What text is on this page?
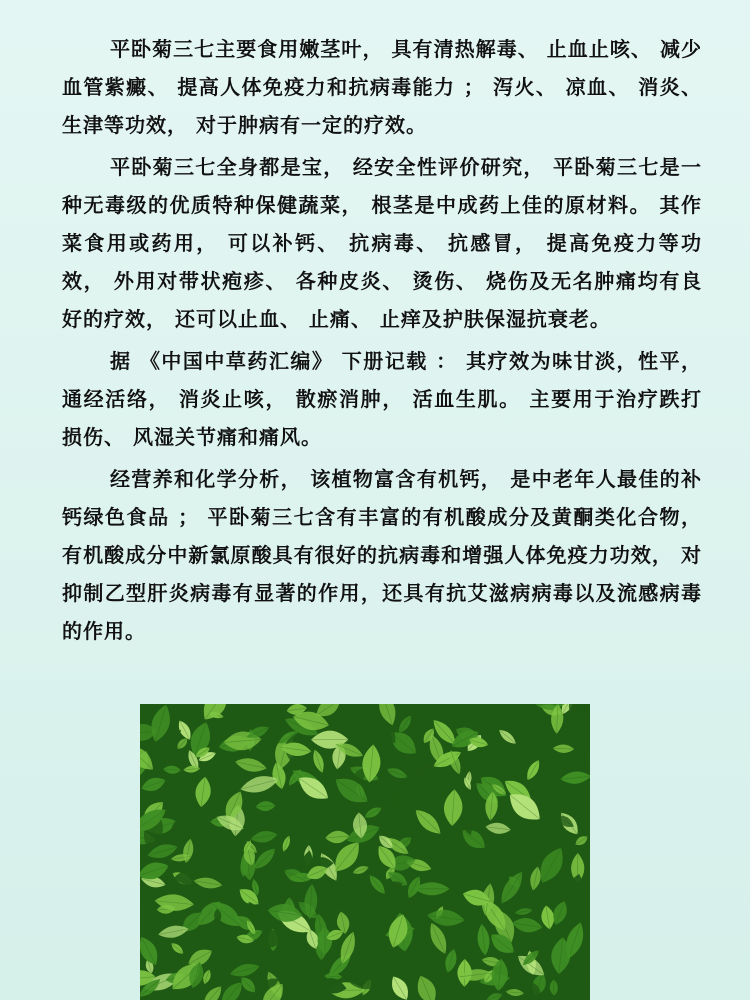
平卧菊三七主要食用嫩茎叶， 具有清热解毒、 止血止咳、 减少血管紫癜、 提高人体免疫力和抗病毒能力 ； 泻火、 凉血、 消炎、 生津等功效， 对于肿病有一定的疗效。

平卧菊三七全身都是宝， 经安全性评价研究， 平卧菊三七是一种无毒级的优质特种保健蔬菜， 根茎是中成药上佳的原材料。 其作菜食用或药用， 可以补钙、 抗病毒、 抗感冒， 提高免疫力等功效， 外用对带状疱疹、 各种皮炎、 烫伤、 烧伤及无名肿痛均有良好的疗效， 还可以止血、 止痛、 止痒及护肤保湿抗衰老。

据 《中国中草药汇编》 下册记载 ： 其疗效为味甘淡，性平， 通经活络， 消炎止咳， 散瘀消肿， 活血生肌。 主要用于治疗跌打损伤、 风湿关节痛和痛风。

经营养和化学分析， 该植物富含有机钙， 是中老年人最佳的补钙绿色食品 ； 平卧菊三七含有丰富的有机酸成分及黄酮类化合物， 有机酸成分中新氯原酸具有很好的抗病毒和增强人体免疫力功效， 对抑制乙型肝炎病毒有显著的作用，还具有抗艾滋病病毒以及流感病毒的作用。
